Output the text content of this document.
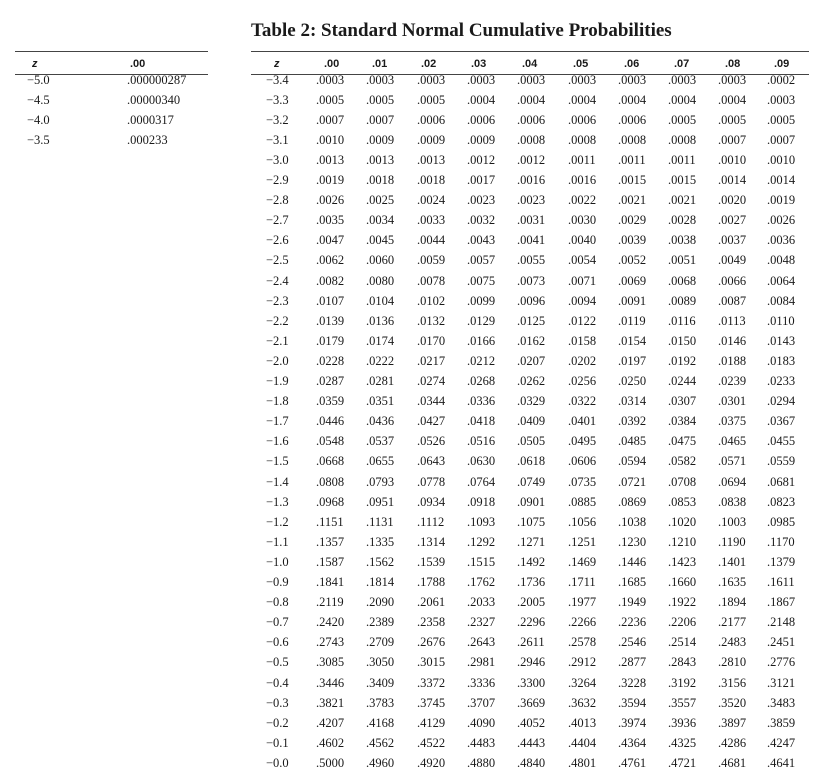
Table 2: Standard Normal Cumulative Probabilities
z	.00
−5.0	.000000287
−4.5	.00000340
−4.0	.0000317
−3.5	.000233
z	.00	.01	.02	.03	.04	.05	.06	.07	.08	.09
−3.4 .0003 .0003 .0003 .0003 .0003 .0003 .0003 .0003 .0003 .0002
−3.3 .0005 .0005 .0005 .0004 .0004 .0004 .0004 .0004 .0004 .0003
−3.2 .0007 .0007 .0006 .0006 .0006 .0006 .0006 .0005 .0005 .0005
−3.1 .0010 .0009 .0009 .0009 .0008 .0008 .0008 .0008 .0007 .0007
−3.0 .0013 .0013 .0013 .0012 .0012 .0011 .0011 .0011 .0010 .0010
−2.9 .0019 .0018 .0018 .0017 .0016 .0016 .0015 .0015 .0014 .0014
−2.8 .0026 .0025 .0024 .0023 .0023 .0022 .0021 .0021 .0020 .0019
−2.7 .0035 .0034 .0033 .0032 .0031 .0030 .0029 .0028 .0027 .0026
−2.6 .0047 .0045 .0044 .0043 .0041 .0040 .0039 .0038 .0037 .0036
−2.5 .0062 .0060 .0059 .0057 .0055 .0054 .0052 .0051 .0049 .0048
−2.4 .0082 .0080 .0078 .0075 .0073 .0071 .0069 .0068 .0066 .0064
−2.3 .0107 .0104 .0102 .0099 .0096 .0094 .0091 .0089 .0087 .0084
−2.2 .0139 .0136 .0132 .0129 .0125 .0122 .0119 .0116 .0113 .0110
−2.1 .0179 .0174 .0170 .0166 .0162 .0158 .0154 .0150 .0146 .0143
−2.0 .0228 .0222 .0217 .0212 .0207 .0202 .0197 .0192 .0188 .0183
−1.9 .0287 .0281 .0274 .0268 .0262 .0256 .0250 .0244 .0239 .0233
−1.8 .0359 .0351 .0344 .0336 .0329 .0322 .0314 .0307 .0301 .0294
−1.7 .0446 .0436 .0427 .0418 .0409 .0401 .0392 .0384 .0375 .0367
−1.6 .0548 .0537 .0526 .0516 .0505 .0495 .0485 .0475 .0465 .0455
−1.5 .0668 .0655 .0643 .0630 .0618 .0606 .0594 .0582 .0571 .0559
−1.4 .0808 .0793 .0778 .0764 .0749 .0735 .0721 .0708 .0694 .0681
−1.3 .0968 .0951 .0934 .0918 .0901 .0885 .0869 .0853 .0838 .0823
−1.2 .1151 .1131 .1112 .1093 .1075 .1056 .1038 .1020 .1003 .0985
−1.1 .1357 .1335 .1314 .1292 .1271 .1251 .1230 .1210 .1190 .1170
−1.0 .1587 .1562 .1539 .1515 .1492 .1469 .1446 .1423 .1401 .1379
−0.9 .1841 .1814 .1788 .1762 .1736 .1711 .1685 .1660 .1635 .1611
−0.8 .2119 .2090 .2061 .2033 .2005 .1977 .1949 .1922 .1894 .1867
−0.7 .2420 .2389 .2358 .2327 .2296 .2266 .2236 .2206 .2177 .2148
−0.6 .2743 .2709 .2676 .2643 .2611 .2578 .2546 .2514 .2483 .2451
−0.5 .3085 .3050 .3015 .2981 .2946 .2912 .2877 .2843 .2810 .2776
−0.4 .3446 .3409 .3372 .3336 .3300 .3264 .3228 .3192 .3156 .3121
−0.3 .3821 .3783 .3745 .3707 .3669 .3632 .3594 .3557 .3520 .3483
−0.2 .4207 .4168 .4129 .4090 .4052 .4013 .3974 .3936 .3897 .3859
−0.1 .4602 .4562 .4522 .4483 .4443 .4404 .4364 .4325 .4286 .4247
−0.0 .5000 .4960 .4920 .4880 .4840 .4801 .4761 .4721 .4681 .4641
